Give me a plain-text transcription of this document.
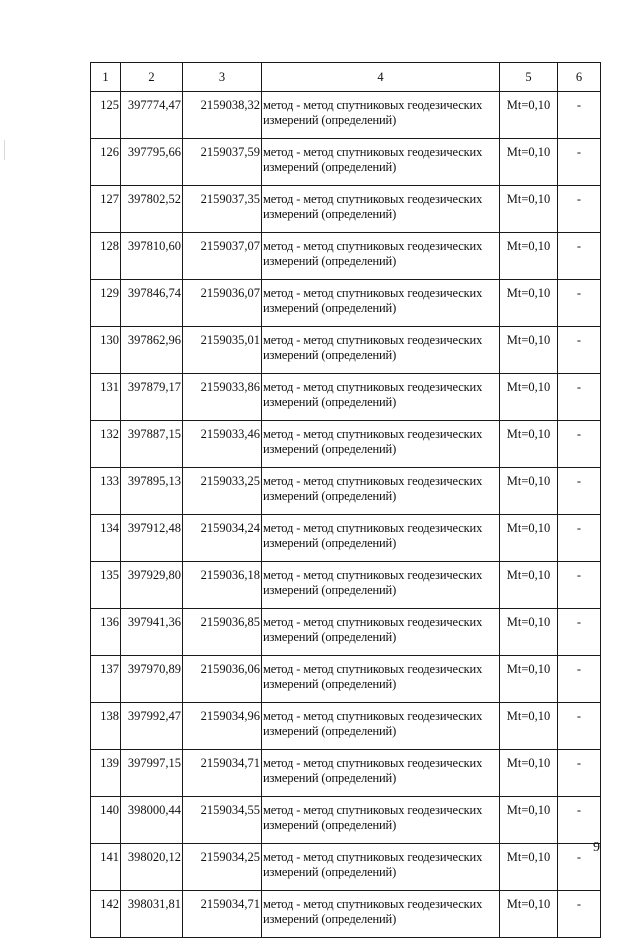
1	2	3	4	5	6
125	397774,47	2159038,32	метод - метод спутниковых геодезических измерений (определений)	Mt=0,10	-
126	397795,66	2159037,59	метод - метод спутниковых геодезических измерений (определений)	Mt=0,10	-
127	397802,52	2159037,35	метод - метод спутниковых геодезических измерений (определений)	Mt=0,10	-
128	397810,60	2159037,07	метод - метод спутниковых геодезических измерений (определений)	Mt=0,10	-
129	397846,74	2159036,07	метод - метод спутниковых геодезических измерений (определений)	Mt=0,10	-
130	397862,96	2159035,01	метод - метод спутниковых геодезических измерений (определений)	Mt=0,10	-
131	397879,17	2159033,86	метод - метод спутниковых геодезических измерений (определений)	Mt=0,10	-
132	397887,15	2159033,46	метод - метод спутниковых геодезических измерений (определений)	Mt=0,10	-
133	397895,13	2159033,25	метод - метод спутниковых геодезических измерений (определений)	Mt=0,10	-
134	397912,48	2159034,24	метод - метод спутниковых геодезических измерений (определений)	Mt=0,10	-
135	397929,80	2159036,18	метод - метод спутниковых геодезических измерений (определений)	Mt=0,10	-
136	397941,36	2159036,85	метод - метод спутниковых геодезических измерений (определений)	Mt=0,10	-
137	397970,89	2159036,06	метод - метод спутниковых геодезических измерений (определений)	Mt=0,10	-
138	397992,47	2159034,96	метод - метод спутниковых геодезических измерений (определений)	Mt=0,10	-
139	397997,15	2159034,71	метод - метод спутниковых геодезических измерений (определений)	Mt=0,10	-
140	398000,44	2159034,55	метод - метод спутниковых геодезических измерений (определений)	Mt=0,10	-
141	398020,12	2159034,25	метод - метод спутниковых геодезических измерений (определений)	Mt=0,10	-
142	398031,81	2159034,71	метод - метод спутниковых геодезических измерений (определений)	Mt=0,10	-
9
